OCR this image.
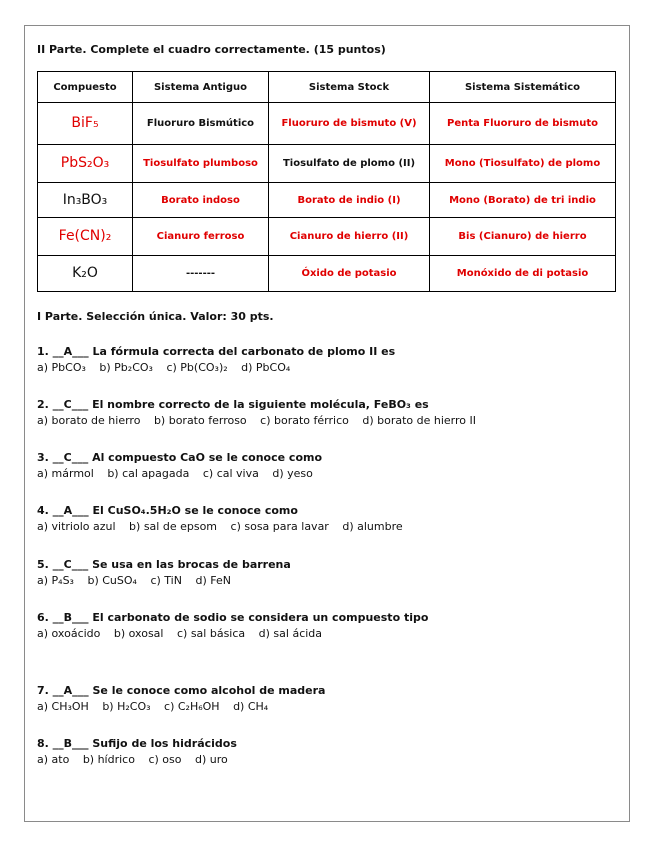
II Parte. Complete el cuadro correctamente. (15 puntos)
Compuesto	Sistema Antiguo	Sistema Stock	Sistema Sistemático
BiF₅	Fluoruro Bismútico	Fluoruro de bismuto (V)	Penta Fluoruro de bismuto
PbS₂O₃	Tiosulfato plumboso	Tiosulfato de plomo (II)	Mono (Tiosulfato) de plomo
In₃BO₃	Borato indoso	Borato de indio (I)	Mono (Borato) de tri indio
Fe(CN)₂	Cianuro ferroso	Cianuro de hierro (II)	Bis (Cianuro) de hierro
K₂O	-------	Óxido de potasio	Monóxido de di potasio
I Parte. Selección única. Valor: 30 pts.
1. __A___ La fórmula correcta del carbonato de plomo II es
a) PbCO₃ b) Pb₂CO₃ c) Pb(CO₃)₂ d) PbCO₄
2. __C___ El nombre correcto de la siguiente molécula, FeBO₃ es
a) borato de hierro b) borato ferroso c) borato férrico d) borato de hierro II
3. __C___ Al compuesto CaO se le conoce como
a) mármol b) cal apagada c) cal viva d) yeso
4. __A___ El CuSO₄.5H₂O se le conoce como
a) vitriolo azul b) sal de epsom c) sosa para lavar d) alumbre
5. __C___ Se usa en las brocas de barrena
a) P₄S₃ b) CuSO₄ c) TiN d) FeN
6. __B___ El carbonato de sodio se considera un compuesto tipo
a) oxoácido b) oxosal c) sal básica d) sal ácida
7. __A___ Se le conoce como alcohol de madera
a) CH₃OH b) H₂CO₃ c) C₂H₆OH d) CH₄
8. __B___ Sufijo de los hidrácidos
a) ato b) hídrico c) oso d) uro
